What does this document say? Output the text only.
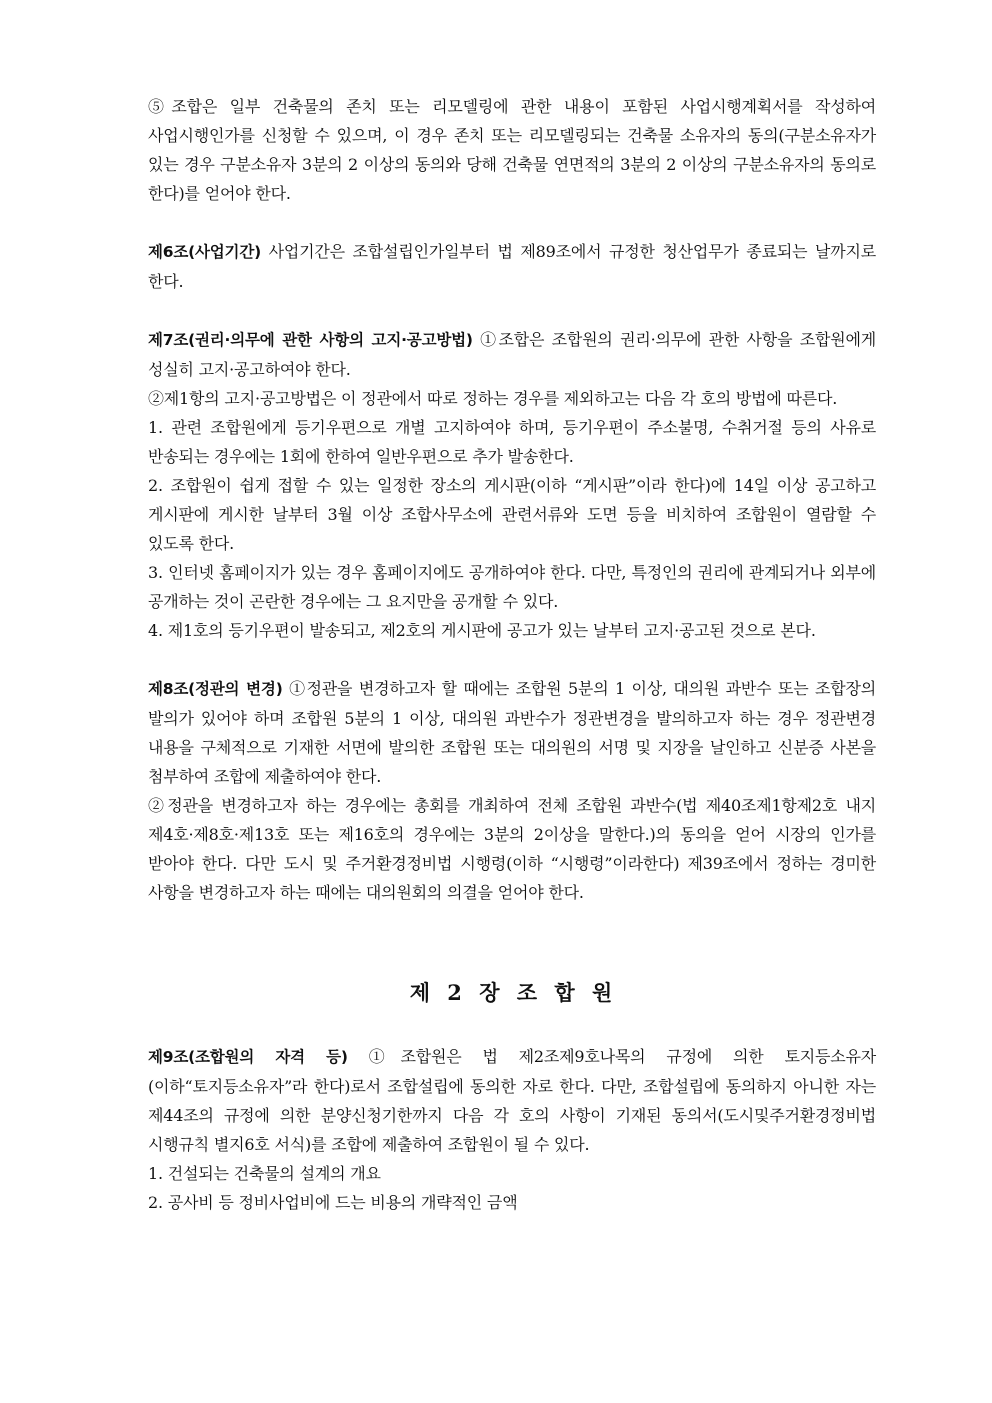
⑤조합은 일부 건축물의 존치 또는 리모델링에 관한 내용이 포함된 사업시행계획서를 작성하여 사업시행인가를 신청할 수 있으며, 이 경우 존치 또는 리모델링되는 건축물 소유자의 동의(구분소유자가 있는 경우 구분소유자 3분의 2 이상의 동의와 당해 건축물 연면적의 3분의 2 이상의 구분소유자의 동의로 한다)를 얻어야 한다.

제6조(사업기간) 사업기간은 조합설립인가일부터 법 제89조에서 규정한 청산업무가 종료되는 날까지로 한다.

제7조(권리·의무에 관한 사항의 고지·공고방법) ①조합은 조합원의 권리·의무에 관한 사항을 조합원에게 성실히 고지·공고하여야 한다.

②제1항의 고지·공고방법은 이 정관에서 따로 정하는 경우를 제외하고는 다음 각 호의 방법에 따른다.

1. 관련 조합원에게 등기우편으로 개별 고지하여야 하며, 등기우편이 주소불명, 수취거절 등의 사유로 반송되는 경우에는 1회에 한하여 일반우편으로 추가 발송한다.

2. 조합원이 쉽게 접할 수 있는 일정한 장소의 게시판(이하 “게시판”이라 한다)에 14일 이상 공고하고 게시판에 게시한 날부터 3월 이상 조합사무소에 관련서류와 도면 등을 비치하여 조합원이 열람할 수 있도록 한다.

3. 인터넷 홈페이지가 있는 경우 홈페이지에도 공개하여야 한다. 다만, 특정인의 권리에 관계되거나 외부에 공개하는 것이 곤란한 경우에는 그 요지만을 공개할 수 있다.

4. 제1호의 등기우편이 발송되고, 제2호의 게시판에 공고가 있는 날부터 고지·공고된 것으로 본다.

제8조(정관의 변경) ①정관을 변경하고자 할 때에는 조합원 5분의 1 이상, 대의원 과반수 또는 조합장의 발의가 있어야 하며 조합원 5분의 1 이상, 대의원 과반수가 정관변경을 발의하고자 하는 경우 정관변경 내용을 구체적으로 기재한 서면에 발의한 조합원 또는 대의원의 서명 및 지장을 날인하고 신분증 사본을 첨부하여 조합에 제출하여야 한다.

②정관을 변경하고자 하는 경우에는 총회를 개최하여 전체 조합원 과반수(법 제40조제1항제2호 내지 제4호·제8호·제13호 또는 제16호의 경우에는 3분의 2이상을 말한다.)의 동의을 얻어 시장의 인가를 받아야 한다. 다만 도시 및 주거환경정비법 시행령(이하 “시행령”이라한다) 제39조에서 정하는 경미한 사항을 변경하고자 하는 때에는 대의원회의 의결을 얻어야 한다.

제 2 장 조 합 원

제9조(조합원의 자격 등) ①조합원은 법 제2조제9호나목의 규정에 의한 토지등소유자(이하“토지등소유자”라 한다)로서 조합설립에 동의한 자로 한다. 다만, 조합설립에 동의하지 아니한 자는 제44조의 규정에 의한 분양신청기한까지 다음 각 호의 사항이 기재된 동의서(도시및주거환경정비법 시행규칙 별지6호 서식)를 조합에 제출하여 조합원이 될 수 있다.

1. 건설되는 건축물의 설계의 개요

2. 공사비 등 정비사업비에 드는 비용의 개략적인 금액
